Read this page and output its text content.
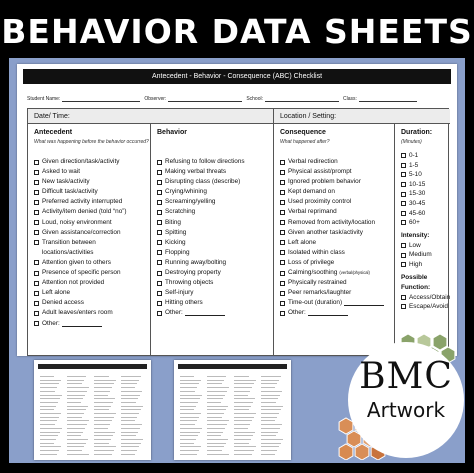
BEHAVIOR DATA SHEETS
Antecedent - Behavior - Consequence (ABC) Checklist
Student Name:	Observer:	School:	Class:
Date/ Time:	Location / Setting:
Antecedent
What was happening before the behavior occurred?
Given direction/task/activity
Asked to wait
New task/activity
Difficult task/activity
Preferred activity interrupted
Activity/item denied (told “no”)
Loud, noisy environment
Given assistance/correction
Transition between
locations/activities
Attention given to others
Presence of specific person
Attention not provided
Left alone
Denied access
Adult leaves/enters room
Other:
Behavior
Refusing to follow directions
Making verbal threats
Disrupting class (describe)
Crying/whining
Screaming/yelling
Scratching
Biting
Spitting
Kicking
Flopping
Running away/bolting
Destroying property
Throwing objects
Self-injury
Hitting others
Other:
Consequence
What happened after?
Verbal redirection
Physical assist/prompt
Ignored problem behavior
Kept demand on
Used proximity control
Verbal reprimand
Removed from activity/location
Given another task/activity
Left alone
Isolated within class
Loss of privilege
Calming/soothing (verbal/physical)
Physically restrained
Peer remarks/laughter
Time-out (duration)
Other:
Duration:
(Minutes)
0-1
1-5
5-10
10-15
15-30
30-45
45-60
60+
Intensity:
Low
Medium
High
Possible Function:
Access/Obtain
Escape/Avoid
BMC
Artwork
